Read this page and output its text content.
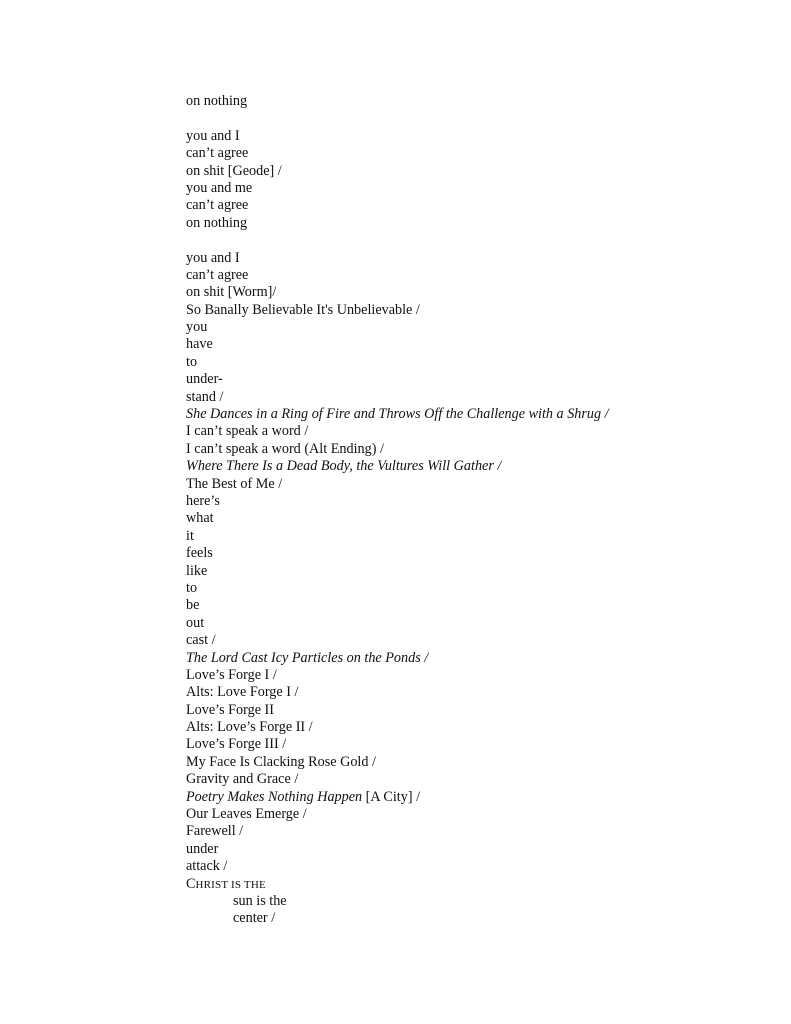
on nothing
you and I
can’t agree
on shit [Geode] /
you and me
can’t agree
on nothing
you and I
can’t agree
on shit [Worm]/
So Banally Believable It's Unbelievable /
you
have
to
under-
stand /
She Dances in a Ring of Fire and Throws Off the Challenge with a Shrug /
I can’t speak a word /
I can’t speak a word (Alt Ending) /
Where There Is a Dead Body, the Vultures Will Gather /
The Best of Me /
here’s
what
it
feels
like
to
be
out
cast /
The Lord Cast Icy Particles on the Ponds /
Love’s Forge I /
Alts: Love Forge I /
Love’s Forge II
Alts: Love’s Forge II /
Love’s Forge III /
My Face Is Clacking Rose Gold /
Gravity and Grace /
Poetry Makes Nothing Happen [A City] /
Our Leaves Emerge /
Farewell /
under
attack /
CHRIST IS THE
sun is the
center /
